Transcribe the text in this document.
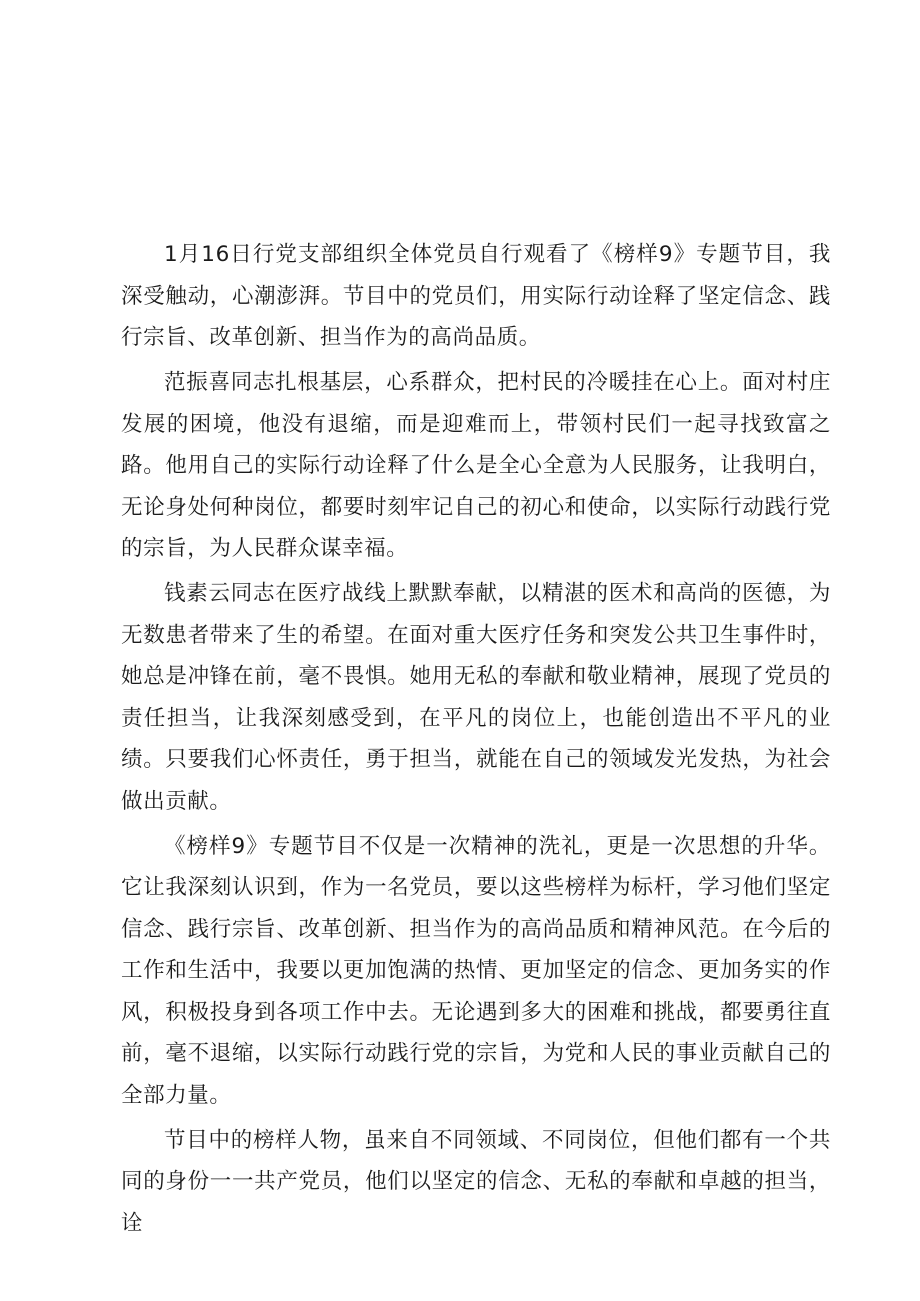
1月16日行党支部组织全体党员自行观看了《榜样9》专题节目，我深受触动，心潮澎湃。节目中的党员们，用实际行动诠释了坚定信念、践行宗旨、改革创新、担当作为的高尚品质。

范振喜同志扎根基层，心系群众，把村民的冷暖挂在心上。面对村庄发展的困境，他没有退缩，而是迎难而上，带领村民们一起寻找致富之路。他用自己的实际行动诠释了什么是全心全意为人民服务，让我明白，无论身处何种岗位，都要时刻牢记自己的初心和使命，以实际行动践行党的宗旨，为人民群众谋幸福。

钱素云同志在医疗战线上默默奉献，以精湛的医术和高尚的医德，为无数患者带来了生的希望。在面对重大医疗任务和突发公共卫生事件时，她总是冲锋在前，毫不畏惧。她用无私的奉献和敬业精神，展现了党员的责任担当，让我深刻感受到，在平凡的岗位上，也能创造出不平凡的业绩。只要我们心怀责任，勇于担当，就能在自己的领域发光发热，为社会做出贡献。

《榜样9》专题节目不仅是一次精神的洗礼，更是一次思想的升华。它让我深刻认识到，作为一名党员，要以这些榜样为标杆，学习他们坚定信念、践行宗旨、改革创新、担当作为的高尚品质和精神风范。在今后的工作和生活中，我要以更加饱满的热情、更加坚定的信念、更加务实的作风，积极投身到各项工作中去。无论遇到多大的困难和挑战，都要勇往直前，毫不退缩，以实际行动践行党的宗旨，为党和人民的事业贡献自己的全部力量。

节目中的榜样人物，虽来自不同领域、不同岗位，但他们都有一个共同的身份一一共产党员，他们以坚定的信念、无私的奉献和卓越的担当，诠
